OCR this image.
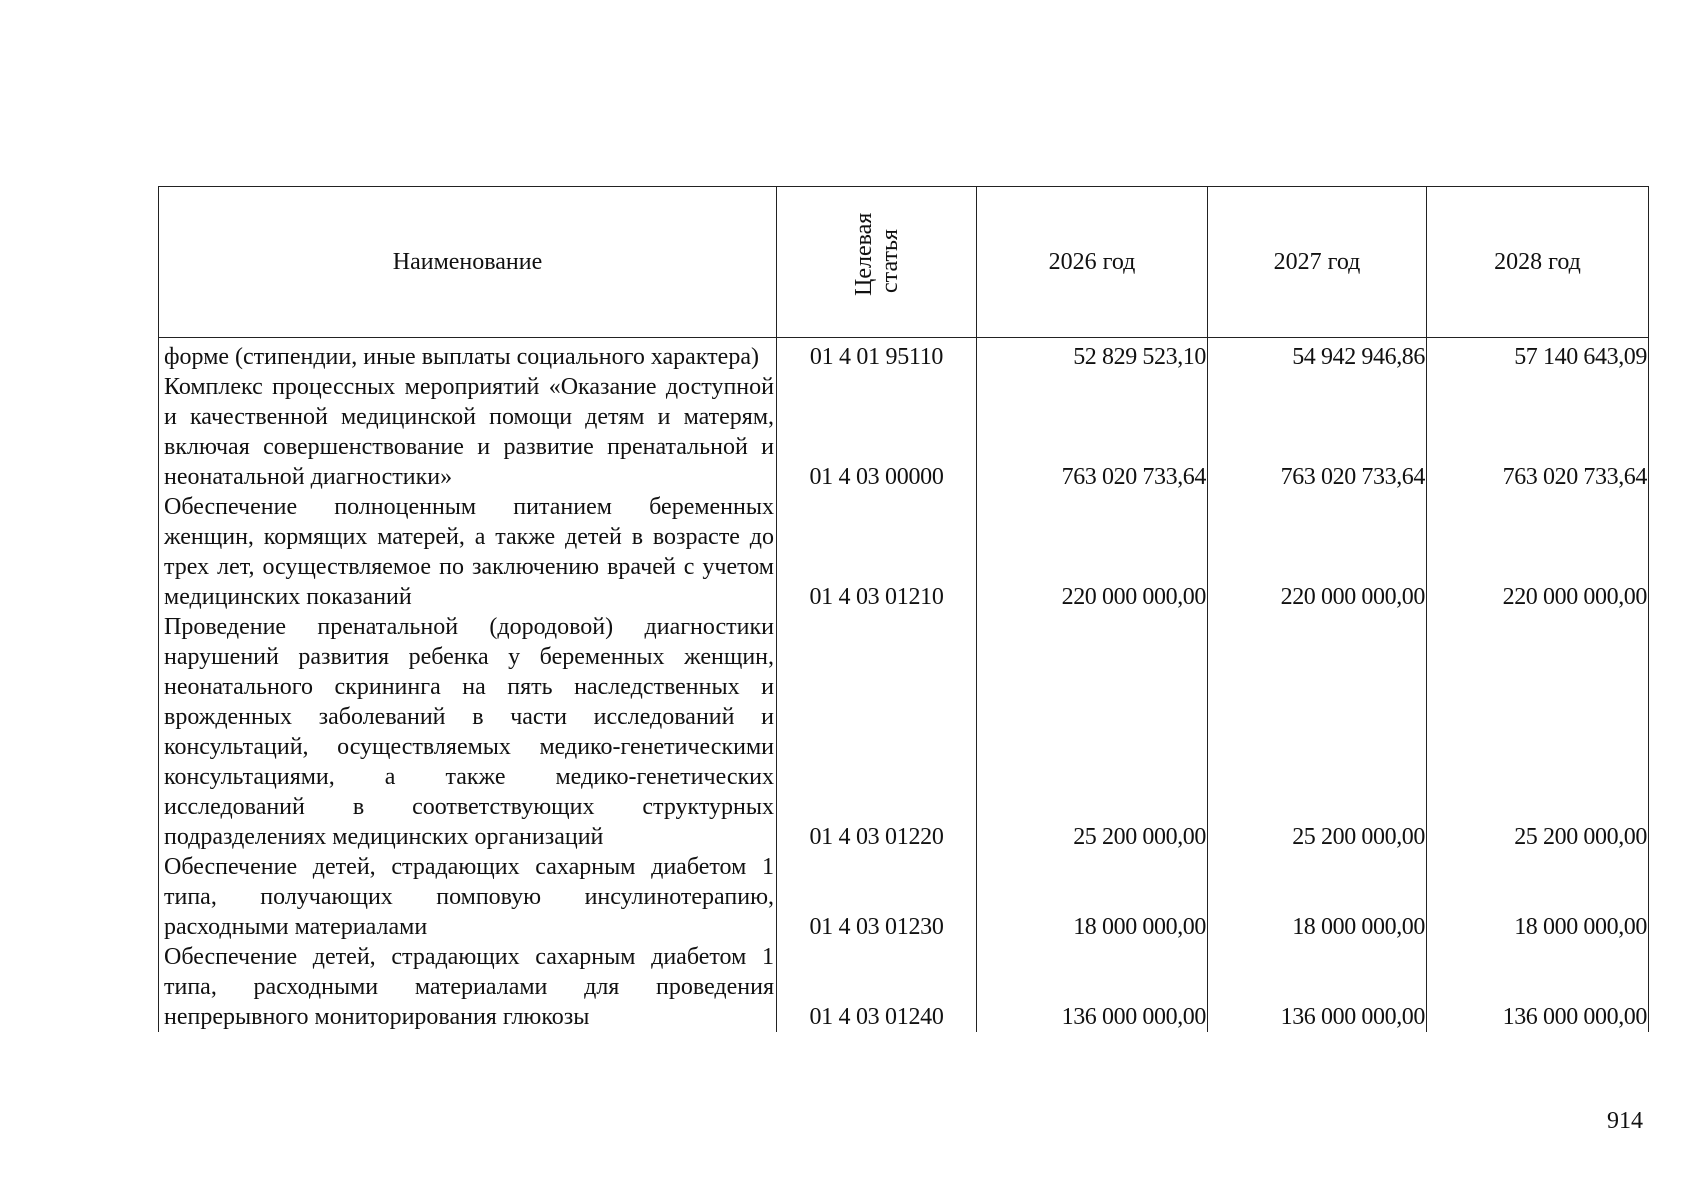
Наименование	Целевая статья	2026 год	2027 год	2028 год
форме (стипендии, иные выплаты социального характера)	01 4 01 95110	52 829 523,10	54 942 946,86	57 140 643,09
Комплекс процессных мероприятий «Оказание доступной и качественной медицинской помощи детям и матерям, включая совершенствование и развитие пренатальной и неонатальной диагностики»	01 4 03 00000	763 020 733,64	763 020 733,64	763 020 733,64
Обеспечение полноценным питанием беременных женщин, кормящих матерей, а также детей в возрасте до трех лет, осуществляемое по заключению врачей с учетом медицинских показаний	01 4 03 01210	220 000 000,00	220 000 000,00	220 000 000,00
Проведение пренатальной (дородовой) диагностики нарушений развития ребенка у беременных женщин, неонатального скрининга на пять наследственных и врожденных заболеваний в части исследований и консультаций, осуществляемых медико-генетическими консультациями, а также медико-генетических исследований в соответствующих структурных подразделениях медицинских организаций	01 4 03 01220	25 200 000,00	25 200 000,00	25 200 000,00
Обеспечение детей, страдающих сахарным диабетом 1 типа, получающих помповую инсулинотерапию, расходными материалами	01 4 03 01230	18 000 000,00	18 000 000,00	18 000 000,00
Обеспечение детей, страдающих сахарным диабетом 1 типа, расходными материалами для проведения непрерывного мониторирования глюкозы	01 4 03 01240	136 000 000,00	136 000 000,00	136 000 000,00
914
